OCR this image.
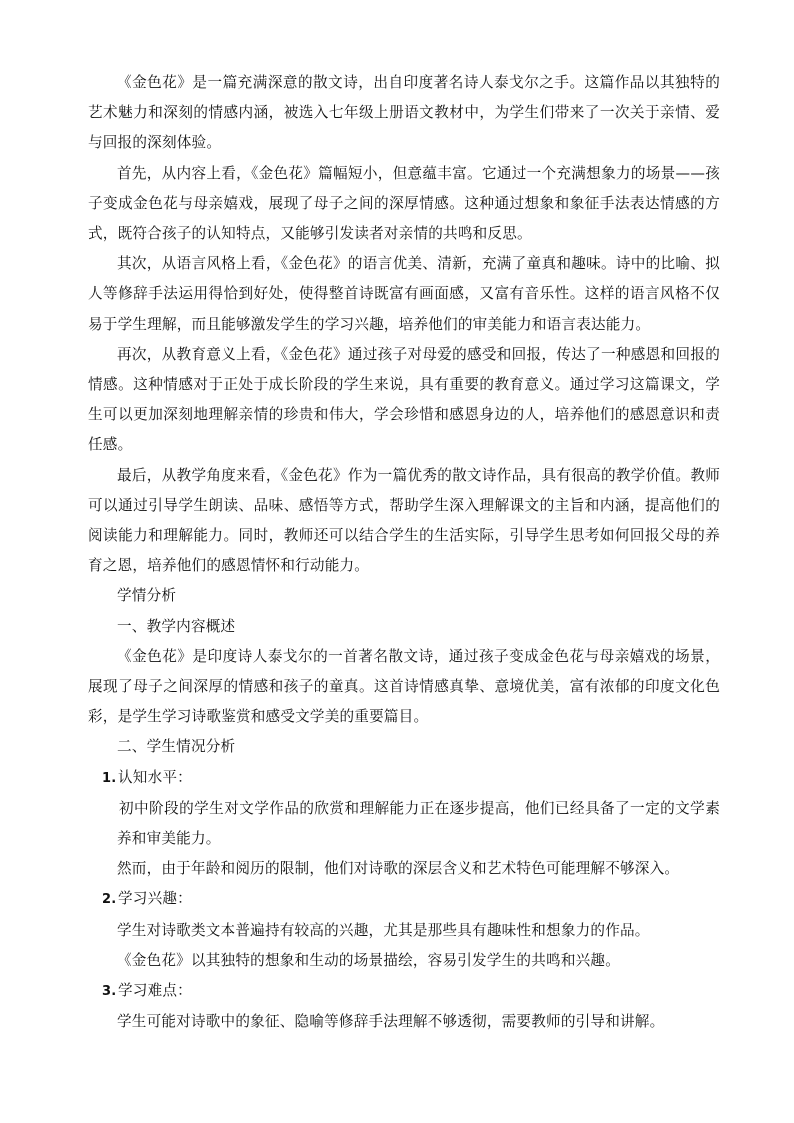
《金色花》是一篇充满深意的散文诗，出自印度著名诗人泰戈尔之手。这篇作品以其独特的艺术魅力和深刻的情感内涵，被选入七年级上册语文教材中，为学生们带来了一次关于亲情、爱与回报的深刻体验。

首先，从内容上看，《金色花》篇幅短小，但意蕴丰富。它通过一个充满想象力的场景——孩子变成金色花与母亲嬉戏，展现了母子之间的深厚情感。这种通过想象和象征手法表达情感的方式，既符合孩子的认知特点，又能够引发读者对亲情的共鸣和反思。

其次，从语言风格上看，《金色花》的语言优美、清新，充满了童真和趣味。诗中的比喻、拟人等修辞手法运用得恰到好处，使得整首诗既富有画面感，又富有音乐性。这样的语言风格不仅易于学生理解，而且能够激发学生的学习兴趣，培养他们的审美能力和语言表达能力。

再次，从教育意义上看，《金色花》通过孩子对母爱的感受和回报，传达了一种感恩和回报的情感。这种情感对于正处于成长阶段的学生来说，具有重要的教育意义。通过学习这篇课文，学生可以更加深刻地理解亲情的珍贵和伟大，学会珍惜和感恩身边的人，培养他们的感恩意识和责任感。

最后，从教学角度来看，《金色花》作为一篇优秀的散文诗作品，具有很高的教学价值。教师可以通过引导学生朗读、品味、感悟等方式，帮助学生深入理解课文的主旨和内涵，提高他们的阅读能力和理解能力。同时，教师还可以结合学生的生活实际，引导学生思考如何回报父母的养育之恩，培养他们的感恩情怀和行动能力。

学情分析

一、教学内容概述

《金色花》是印度诗人泰戈尔的一首著名散文诗，通过孩子变成金色花与母亲嬉戏的场景，展现了母子之间深厚的情感和孩子的童真。这首诗情感真挚、意境优美，富有浓郁的印度文化色彩，是学生学习诗歌鉴赏和感受文学美的重要篇目。

二、学生情况分析

1. 认知水平：

初中阶段的学生对文学作品的欣赏和理解能力正在逐步提高，他们已经具备了一定的文学素养和审美能力。

然而，由于年龄和阅历的限制，他们对诗歌的深层含义和艺术特色可能理解不够深入。

2. 学习兴趣：

学生对诗歌类文本普遍持有较高的兴趣，尤其是那些具有趣味性和想象力的作品。

《金色花》以其独特的想象和生动的场景描绘，容易引发学生的共鸣和兴趣。

3. 学习难点：

学生可能对诗歌中的象征、隐喻等修辞手法理解不够透彻，需要教师的引导和讲解。
